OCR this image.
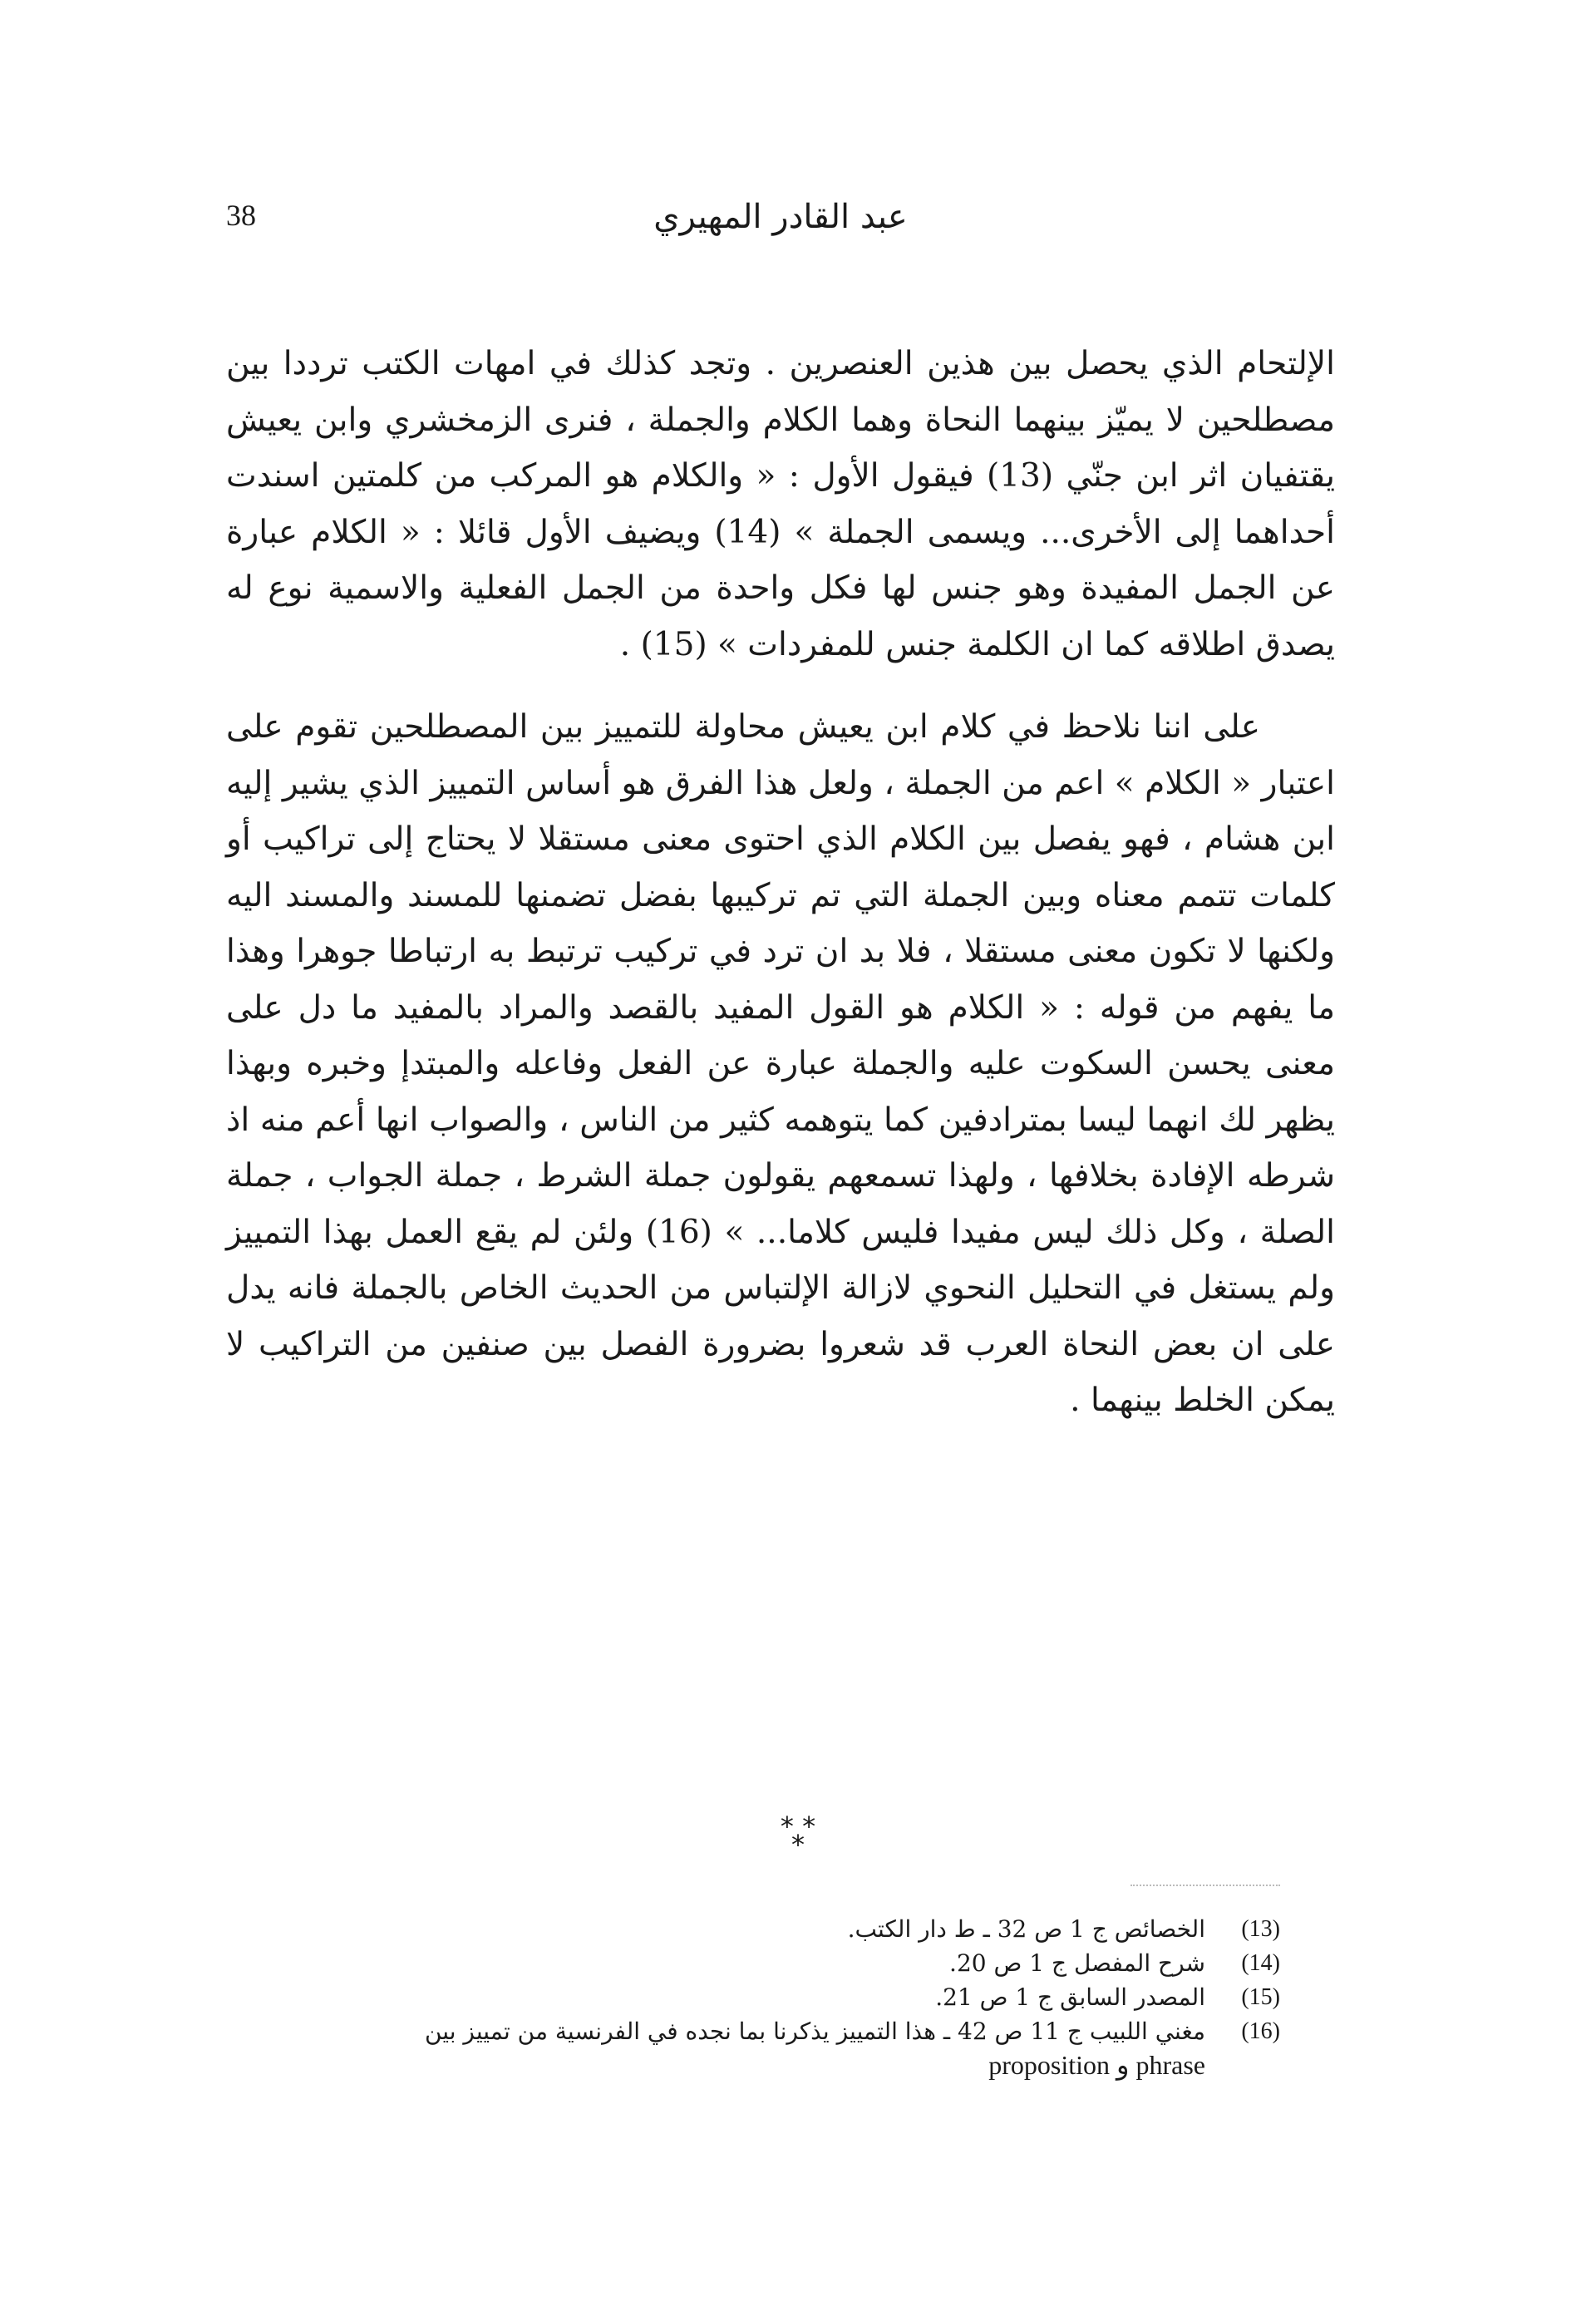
38	عبد القادر المهيري

الإلتحام الذي يحصل بين هذين العنصرين . وتجد كذلك في امهات الكتب ترددا بين مصطلحين لا يميّز بينهما النحاة وهما الكلام والجملة ، فنرى الزمخشري وابن يعيش يقتفيان اثر ابن جنّي (13) فيقول الأول : « والكلام هو المركب من كلمتين اسندت أحداهما إلى الأخرى... ويسمى الجملة » (14) ويضيف الأول قائلا : « الكلام عبارة عن الجمل المفيدة وهو جنس لها فكل واحدة من الجمل الفعلية والاسمية نوع له يصدق اطلاقه كما ان الكلمة جنس للمفردات » (15) .

على اننا نلاحظ في كلام ابن يعيش محاولة للتمييز بين المصطلحين تقوم على اعتبار « الكلام » اعم من الجملة ، ولعل هذا الفرق هو أساس التمييز الذي يشير إليه ابن هشام ، فهو يفصل بين الكلام الذي احتوى معنى مستقلا لا يحتاج إلى تراكيب أو كلمات تتمم معناه وبين الجملة التي تم تركيبها بفضل تضمنها للمسند والمسند اليه ولكنها لا تكون معنى مستقلا ، فلا بد ان ترد في تركيب ترتبط به ارتباطا جوهرا وهذا ما يفهم من قوله : « الكلام هو القول المفيد بالقصد والمراد بالمفيد ما دل على معنى يحسن السكوت عليه والجملة عبارة عن الفعل وفاعله والمبتدإ وخبره وبهذا يظهر لك انهما ليسا بمترادفين كما يتوهمه كثير من الناس ، والصواب انها أعم منه اذ شرطه الإفادة بخلافها ، ولهذا تسمعهم يقولون جملة الشرط ، جملة الجواب ، جملة الصلة ، وكل ذلك ليس مفيدا فليس كلاما... » (16) ولئن لم يقع العمل بهذا التمييز ولم يستغل في التحليل النحوي لازالة الإلتباس من الحديث الخاص بالجملة فانه يدل على ان بعض النحاة العرب قد شعروا بضرورة الفصل بين صنفين من التراكيب لا يمكن الخلط بينهما .

* *
*
(13)
الخصائص ج 1 ص 32 ـ ط دار الكتب.
(14)
شرح المفصل ج 1 ص 20.
(15)
المصدر السابق ج 1 ص 21.
(16)
مغني اللبيب ج 11 ص 42 ـ هذا التمييز يذكرنا بما نجده في الفرنسية من تمييز بين
phrase و proposition
